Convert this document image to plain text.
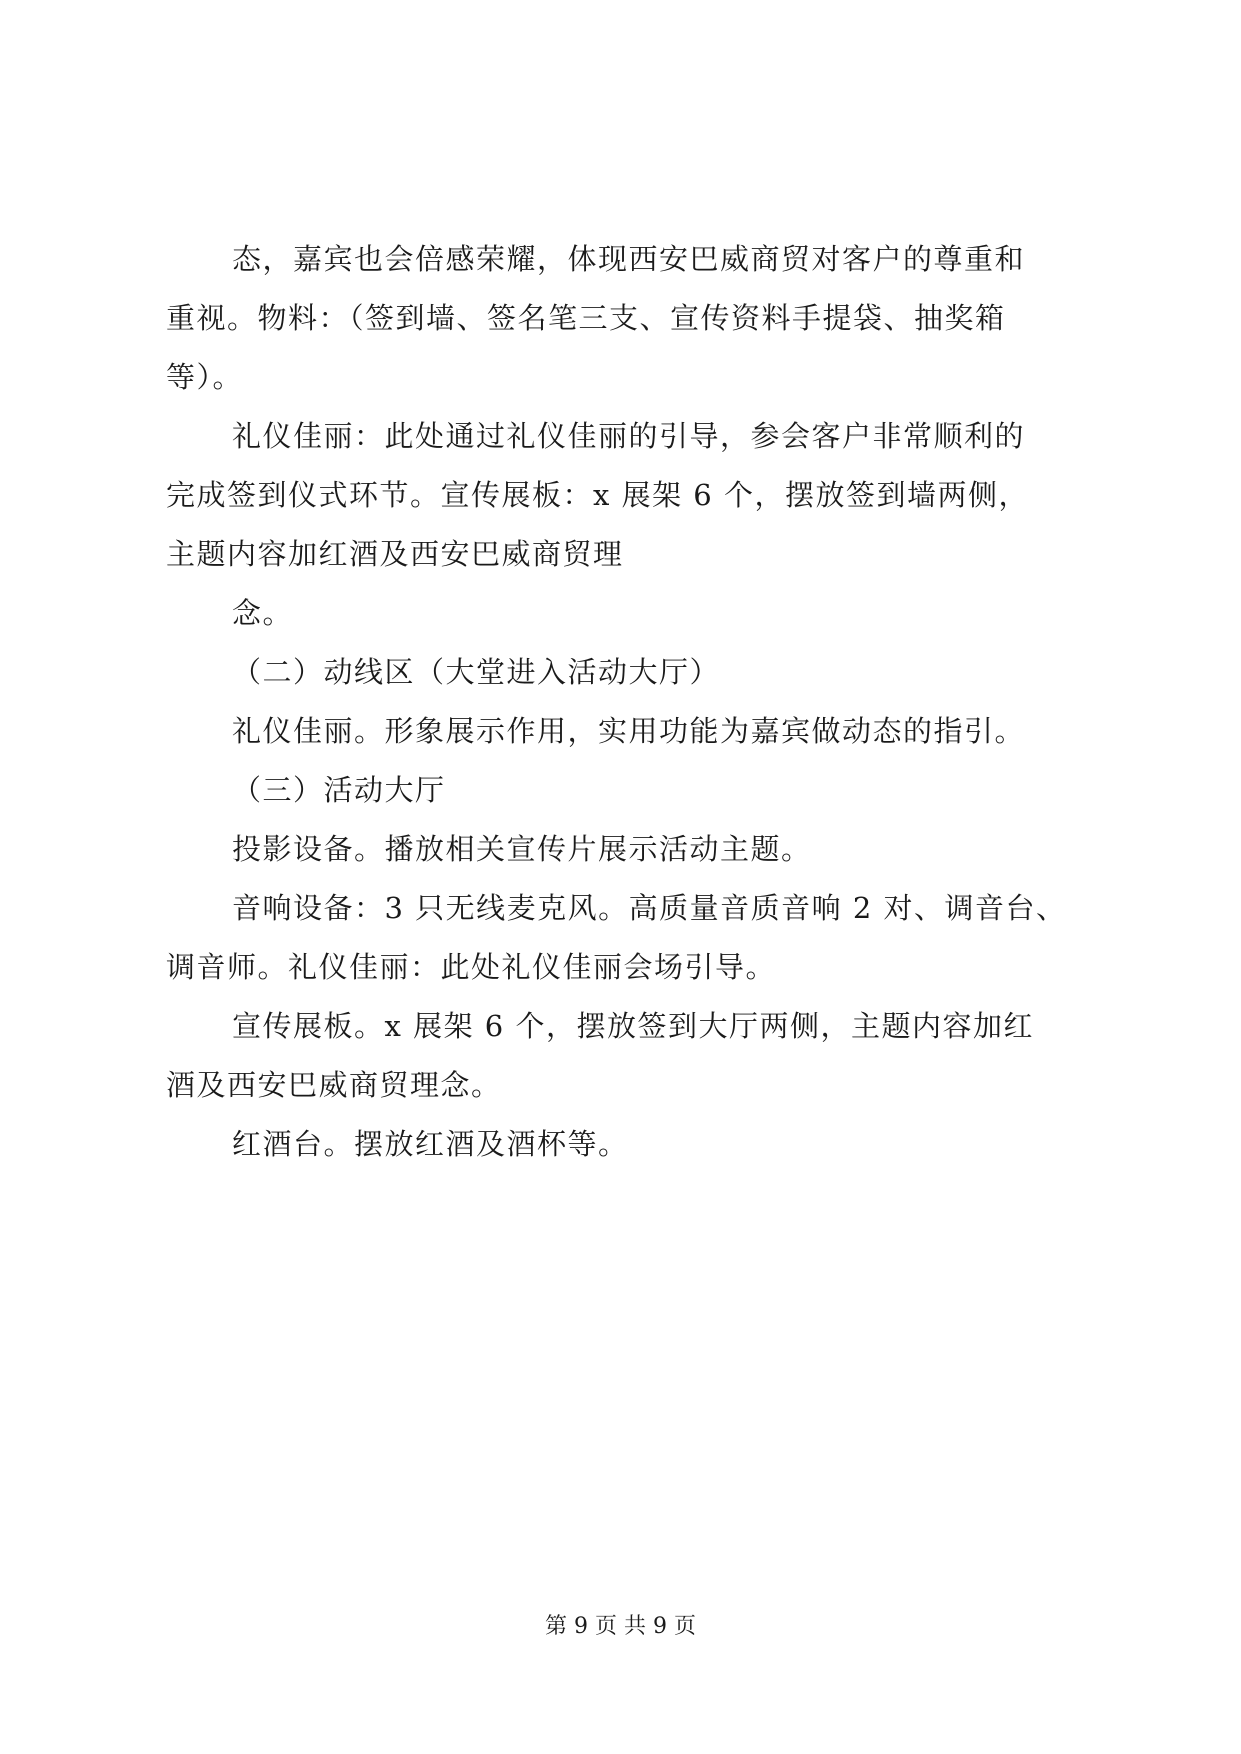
态，嘉宾也会倍感荣耀，体现西安巴威商贸对客户的尊重和
重视。物料：（签到墙、签名笔三支、宣传资料手提袋、抽奖箱
等）。
礼仪佳丽：此处通过礼仪佳丽的引导，参会客户非常顺利的
完成签到仪式环节。宣传展板：x 展架 6 个，摆放签到墙两侧，
主题内容加红酒及西安巴威商贸理
念。
（二）动线区（大堂进入活动大厅）
礼仪佳丽。形象展示作用，实用功能为嘉宾做动态的指引。
（三）活动大厅
投影设备。播放相关宣传片展示活动主题。
音响设备：3 只无线麦克风。高质量音质音响 2 对、调音台、
调音师。礼仪佳丽：此处礼仪佳丽会场引导。
宣传展板。x 展架 6 个，摆放签到大厅两侧，主题内容加红
酒及西安巴威商贸理念。
红酒台。摆放红酒及酒杯等。
第 9 页 共 9 页
